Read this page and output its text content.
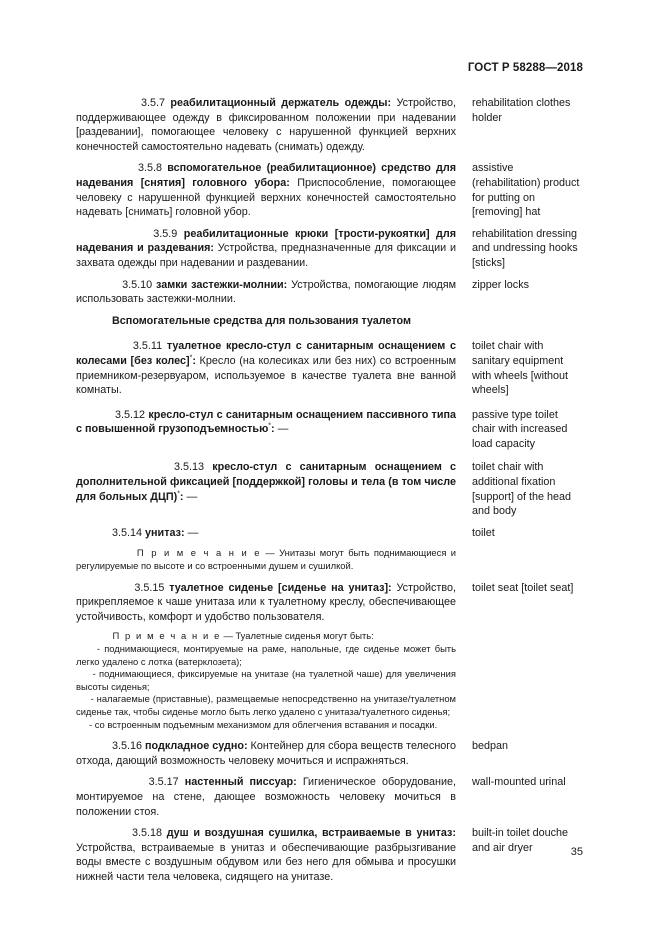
ГОСТ Р 58288—2018
3.5.7 реабилитационный держатель одежды: Устройство, поддерживающее одежду в фиксированном положении при надевании [раздевании], помогающее человеку с нарушенной функцией верхних конечностей самостоятельно надевать (снимать) одежду.
rehabilitation clothes holder
3.5.8 вспомогательное (реабилитационное) средство для надевания [снятия] головного убора: Приспособление, помогающее человеку с нарушенной функцией верхних конечностей самостоятельно надевать [снимать] головной убор.
assistive (rehabilitation) product for putting on [removing] hat
3.5.9 реабилитационные крюки [трости-рукоятки] для надевания и раздевания: Устройства, предназначенные для фиксации и захвата одежды при надевании и раздевании.
rehabilitation dressing and undressing hooks [sticks]
3.5.10 замки застежки-молнии: Устройства, помогающие людям использовать застежки-молнии.
zipper locks
Вспомогательные средства для пользования туалетом
3.5.11 туалетное кресло-стул с санитарным оснащением с колесами [без колес]*: Кресло (на колесиках или без них) со встроенным приемником-резервуаром, используемое в качестве туалета вне ванной комнаты.
toilet chair with sanitary equipment with wheels [without wheels]
3.5.12 кресло-стул с санитарным оснащением пассивного типа с повышенной грузоподъемностью*: —
passive type toilet chair with increased load capacity
3.5.13 кресло-стул с санитарным оснащением с дополнительной фиксацией [поддержкой] головы и тела (в том числе для больных ДЦП)*: —
toilet chair with additional fixation [support] of the head and body
3.5.14 унитаз: —	toilet
П р и м е ч а н и е — Унитазы могут быть поднимающиеся и регулируемые по высоте и со встроенными душем и сушилкой.
3.5.15 туалетное сиденье [сиденье на унитаз]: Устройство, прикрепляемое к чаше унитаза или к туалетному креслу, обеспечивающее устойчивость, комфорт и удобство пользователя.
toilet seat [toilet seat]
П р и м е ч а н и е — Туалетные сиденья могут быть:
- поднимающиеся, монтируемые на раме, напольные, где сиденье может быть легко удалено с лотка (ватерклозета);
- поднимающиеся, фиксируемые на унитазе (на туалетной чаше) для увеличения высоты сиденья;
- налагаемые (приставные), размещаемые непосредственно на унитазе/туалетном сиденье так, чтобы сиденье могло быть легко удалено с унитаза/туалетного сиденья;
- со встроенным подъемным механизмом для облегчения вставания и посадки.
3.5.16 подкладное судно: Контейнер для сбора веществ телесного отхода, дающий возможность человеку мочиться и испражняться.
bedpan
3.5.17 настенный писсуар: Гигиеническое оборудование, монтируемое на стене, дающее возможность человеку мочиться в положении стоя.
wall-mounted urinal
3.5.18 душ и воздушная сушилка, встраиваемые в унитаз: Устройства, встраиваемые в унитаз и обеспечивающие разбрызгивание воды вместе с воздушным обдувом или без него для обмыва и просушки нижней части тела человека, сидящего на унитазе.
built-in toilet douche and air dryer	35
